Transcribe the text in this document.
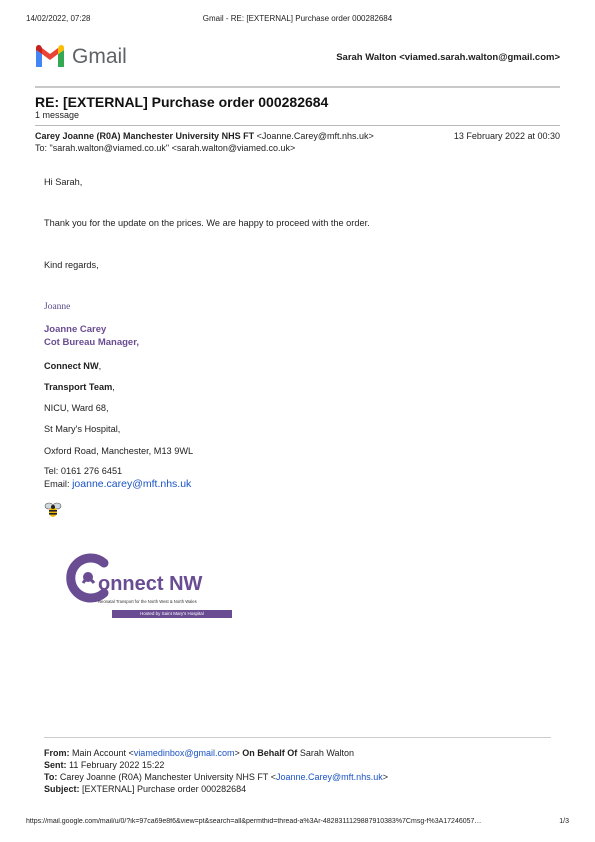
14/02/2022, 07:28	Gmail - RE: [EXTERNAL] Purchase order 000282684
Gmail	Sarah Walton <viamed.sarah.walton@gmail.com>
RE: [EXTERNAL] Purchase order 000282684
1 message
Carey Joanne (R0A) Manchester University NHS FT <Joanne.Carey@mft.nhs.uk>	13 February 2022 at 00:30
To: "sarah.walton@viamed.co.uk" <sarah.walton@viamed.co.uk>
Hi Sarah,
Thank you for the update on the prices. We are happy to proceed with the order.
Kind regards,
Joanne
Joanne Carey
Cot Bureau Manager,
Connect NW,
Transport Team,
NICU, Ward 68,
St Mary's Hospital,
Oxford Road, Manchester, M13 9WL
Tel: 0161 276 6451
Email: joanne.carey@mft.nhs.uk
onnect NW
Neonatal Transport for the North West & North Wales
Hosted by Saint Mary's Hospital
From: Main Account <viamedinbox@gmail.com> On Behalf Of Sarah Walton
Sent: 11 February 2022 15:22
To: Carey Joanne (R0A) Manchester University NHS FT <Joanne.Carey@mft.nhs.uk>
Subject: [EXTERNAL] Purchase order 000282684
https://mail.google.com/mail/u/0/?ik=97ca69e8f6&view=pt&search=all&permthid=thread-a%3Ar-4828311129887910383%7Cmsg-f%3A17246057…	1/3
